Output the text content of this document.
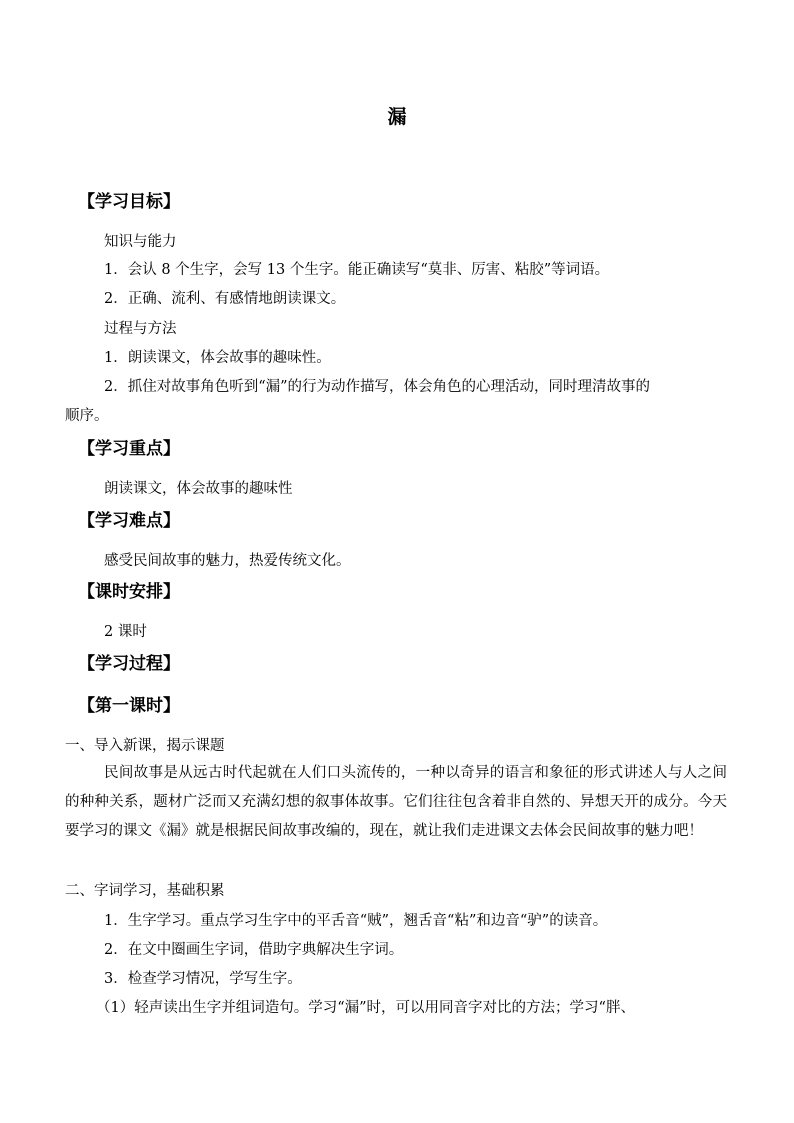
漏
【学习目标】
知识与能力
1．会认 8 个生字，会写 13 个生字。能正确读写“莫非、厉害、粘胶”等词语。
2．正确、流利、有感情地朗读课文。
过程与方法
1．朗读课文，体会故事的趣味性。
2．抓住对故事角色听到“漏”的行为动作描写，体会角色的心理活动，同时理清故事的
顺序。
【学习重点】
朗读课文，体会故事的趣味性
【学习难点】
感受民间故事的魅力，热爱传统文化。
【课时安排】
2 课时
【学习过程】
【第一课时】
一、导入新课，揭示课题
民间故事是从远古时代起就在人们口头流传的，一种以奇异的语言和象征的形式讲述人与人之间的种种关系，题材广泛而又充满幻想的叙事体故事。它们往往包含着非自然的、异想天开的成分。今天要学习的课文《漏》就是根据民间故事改编的，现在，就让我们走进课文去体会民间故事的魅力吧！
二、字词学习，基础积累
1．生字学习。重点学习生字中的平舌音“贼”，翘舌音“粘”和边音“驴”的读音。
2．在文中圈画生字词，借助字典解决生字词。
3．检查学习情况，学写生字。
（1）轻声读出生字并组词造句。学习“漏”时，可以用同音字对比的方法；学习“胖、
